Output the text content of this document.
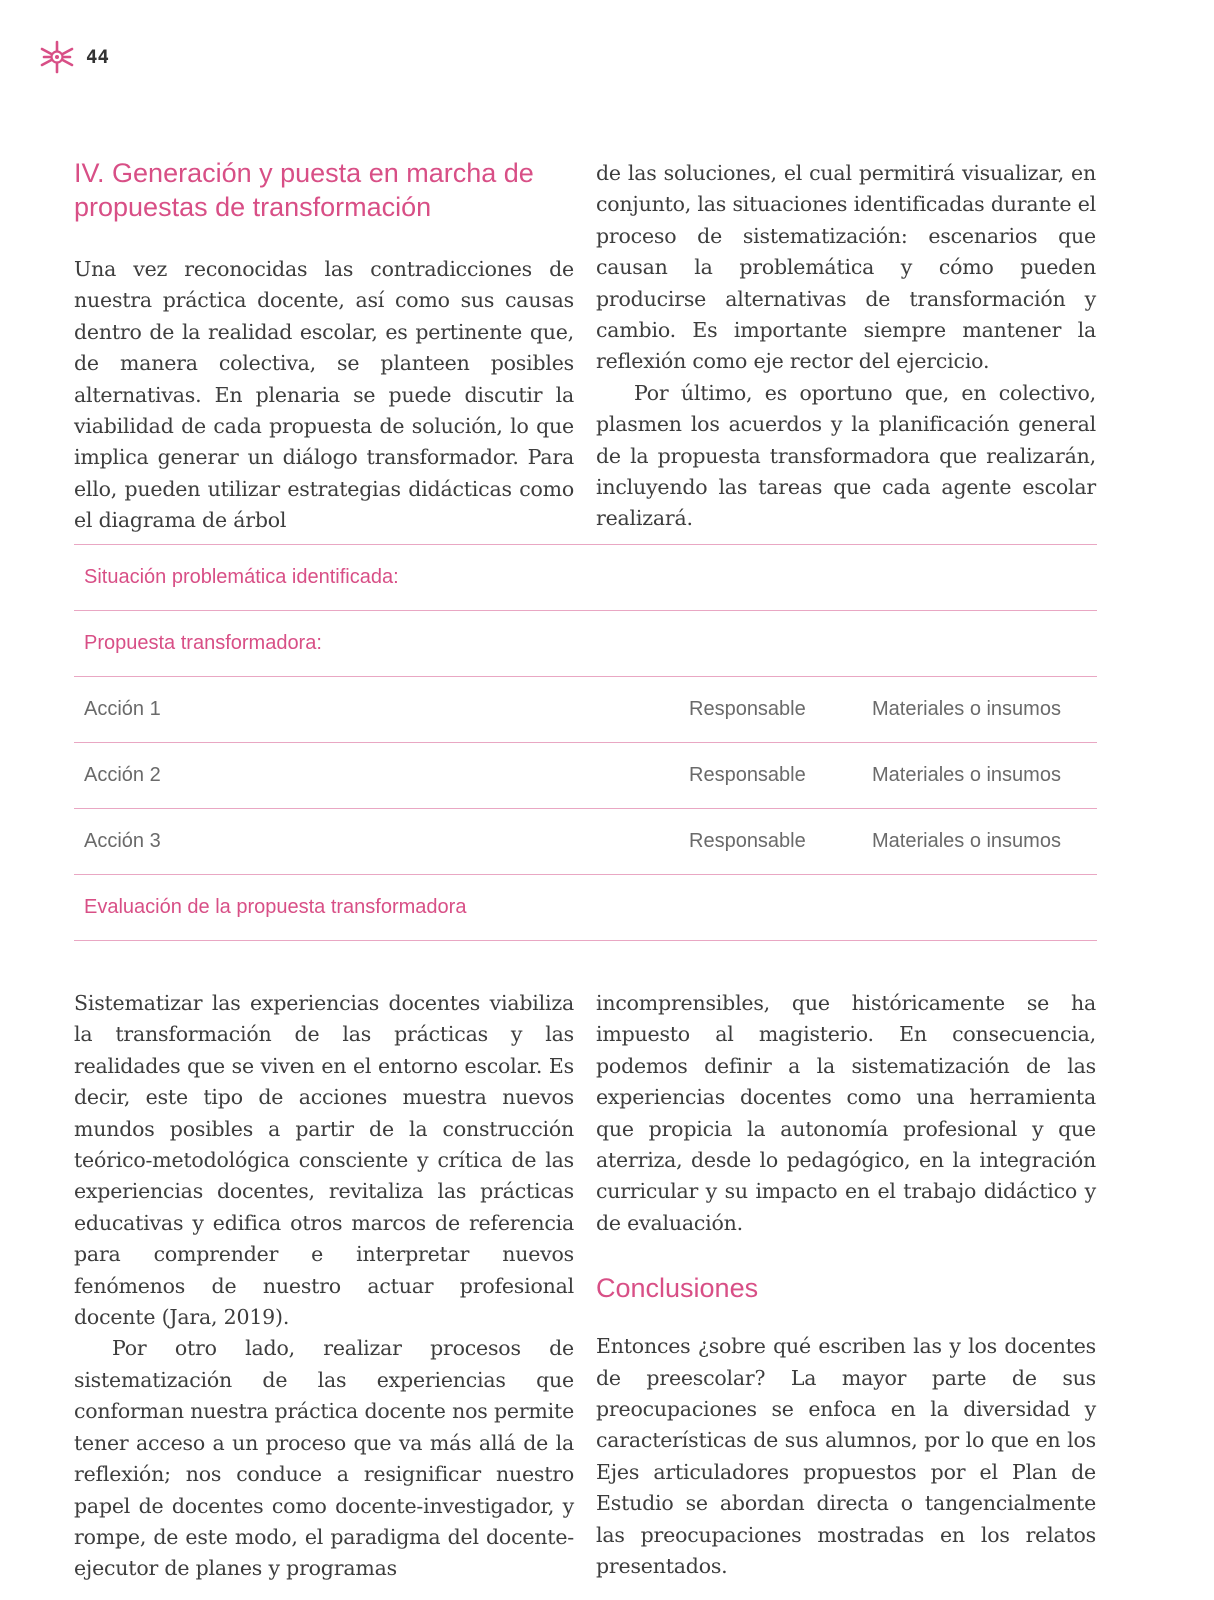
44
IV. Generación y puesta en marcha de propuestas de transformación

Una vez reconocidas las contradicciones de nuestra práctica docente, así como sus causas dentro de la realidad escolar, es pertinente que, de manera colectiva, se planteen posibles alternativas. En plenaria se puede discutir la viabilidad de cada propuesta de solución, lo que implica generar un diálogo transformador. Para ello, pueden utilizar estrategias didácticas como el diagrama de árbol

de las soluciones, el cual permitirá visualizar, en conjunto, las situaciones identificadas durante el proceso de sistematización: escenarios que causan la problemática y cómo pueden producirse alternativas de transformación y cambio. Es importante siempre mantener la reflexión como eje rector del ejercicio.

Por último, es oportuno que, en colectivo, plasmen los acuerdos y la planificación general de la propuesta transformadora que realizarán, incluyendo las tareas que cada agente escolar realizará.

Situación problemática identificada:
Propuesta transformadora:
Acción 1	Responsable	Materiales o insumos
Acción 2	Responsable	Materiales o insumos
Acción 3	Responsable	Materiales o insumos
Evaluación de la propuesta transformadora

Sistematizar las experiencias docentes viabiliza la transformación de las prácticas y las realidades que se viven en el entorno escolar. Es decir, este tipo de acciones muestra nuevos mundos posibles a partir de la construcción teórico-metodológica consciente y crítica de las experiencias docentes, revitaliza las prácticas educativas y edifica otros marcos de referencia para comprender e interpretar nuevos fenómenos de nuestro actuar profesional docente (Jara, 2019).

Por otro lado, realizar procesos de sistematización de las experiencias que conforman nuestra práctica docente nos permite tener acceso a un proceso que va más allá de la reflexión; nos conduce a resignificar nuestro papel de docentes como docente-investigador, y rompe, de este modo, el paradigma del docente-ejecutor de planes y programas

incomprensibles, que históricamente se ha impuesto al magisterio. En consecuencia, podemos definir a la sistematización de las experiencias docentes como una herramienta que propicia la autonomía profesional y que aterriza, desde lo pedagógico, en la integración curricular y su impacto en el trabajo didáctico y de evaluación.

Conclusiones

Entonces ¿sobre qué escriben las y los docentes de preescolar? La mayor parte de sus preocupaciones se enfoca en la diversidad y características de sus alumnos, por lo que en los Ejes articuladores propuestos por el Plan de Estudio se abordan directa o tangencialmente las preocupaciones mostradas en los relatos presentados.
